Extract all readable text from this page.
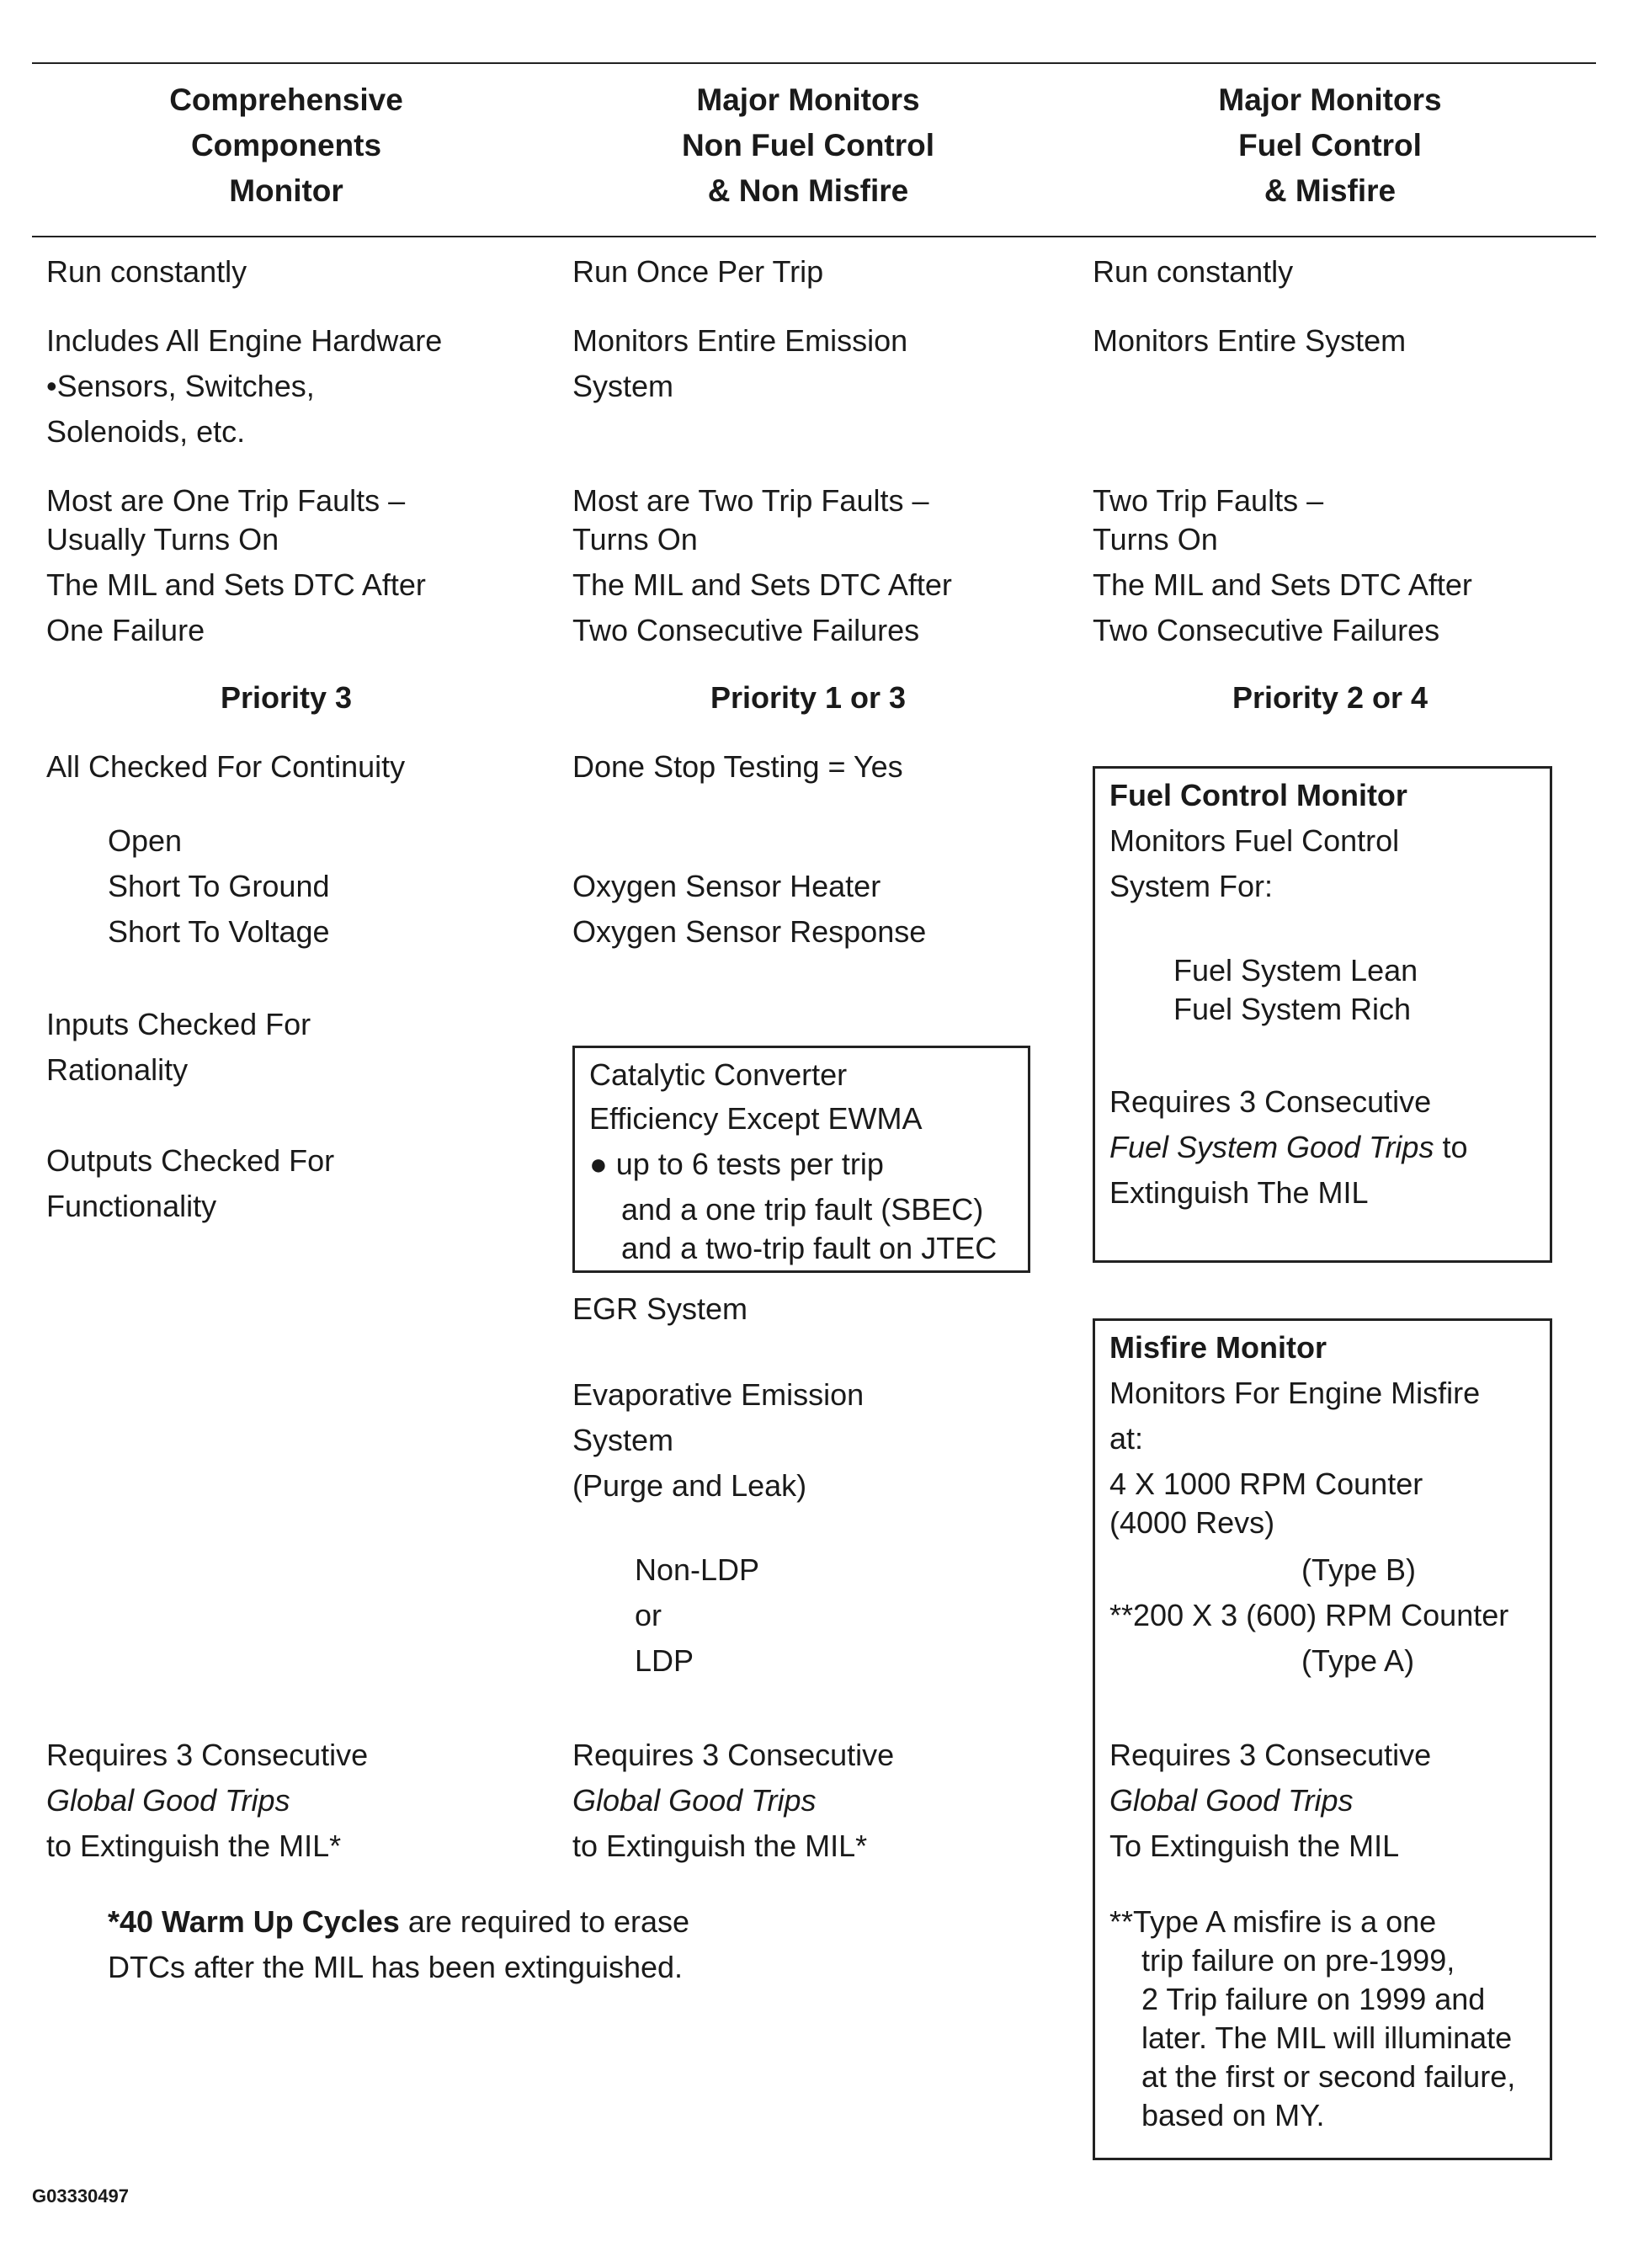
Comprehensive
Components
Monitor
Major Monitors
Non Fuel Control
& Non Misfire
Major Monitors
Fuel Control
& Misfire
Run constantly
Includes All Engine Hardware
•Sensors, Switches,
Solenoids, etc.
Most are One Trip Faults –
Usually Turns On
The MIL and Sets DTC After
One Failure
Priority 3
All Checked For Continuity
Open
Short To Ground
Short To Voltage
Inputs Checked For
Rationality
Outputs Checked For
Functionality
Requires 3 Consecutive
Global Good Trips
to Extinguish the MIL*
*40 Warm Up Cycles are required to erase
DTCs after the MIL has been extinguished.
Run Once Per Trip
Monitors Entire Emission
System
Most are Two Trip Faults –
Turns On
The MIL and Sets DTC After
Two Consecutive Failures
Priority 1 or 3
Done Stop Testing = Yes
Oxygen Sensor Heater
Oxygen Sensor Response
Catalytic Converter
Efficiency Except EWMA
● up to 6 tests per trip
and a one trip fault (SBEC)
and a two-trip fault on JTEC
EGR System
Evaporative Emission
System
(Purge and Leak)
Non-LDP
or
LDP
Requires 3 Consecutive
Global Good Trips
to Extinguish the MIL*
Run constantly
Monitors Entire System
Two Trip Faults –
Turns On
The MIL and Sets DTC After
Two Consecutive Failures
Priority 2 or 4
Fuel Control Monitor
Monitors Fuel Control
System For:
Fuel System Lean
Fuel System Rich
Requires 3 Consecutive
Fuel System Good Trips to
Extinguish The MIL
Misfire Monitor
Monitors For Engine Misfire
at:
4 X 1000 RPM Counter
(4000 Revs)
(Type B)
**200 X 3 (600) RPM Counter
(Type A)
Requires 3 Consecutive
Global Good Trips
To Extinguish the MIL
**Type A misfire is a one
trip failure on pre-1999,
2 Trip failure on 1999 and
later. The MIL will illuminate
at the first or second failure,
based on MY.
G03330497
